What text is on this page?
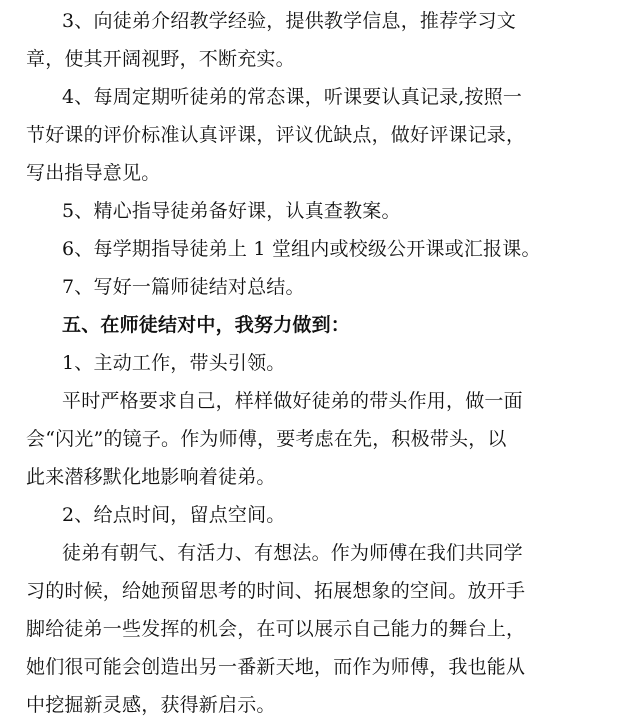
3、向徒弟介绍教学经验，提供教学信息，推荐学习文
章，使其开阔视野，不断充实。
4、每周定期听徒弟的常态课，听课要认真记录,按照一
节好课的评价标准认真评课，评议优缺点，做好评课记录，
写出指导意见。
5、精心指导徒弟备好课，认真查教案。
6、每学期指导徒弟上 1 堂组内或校级公开课或汇报课。
7、写好一篇师徒结对总结。
五、在师徒结对中，我努力做到：
1、主动工作，带头引领。
平时严格要求自己，样样做好徒弟的带头作用，做一面
会“闪光”的镜子。作为师傅，要考虑在先，积极带头，以
此来潜移默化地影响着徒弟。
2、给点时间，留点空间。
徒弟有朝气、有活力、有想法。作为师傅在我们共同学
习的时候，给她预留思考的时间、拓展想象的空间。放开手
脚给徒弟一些发挥的机会，在可以展示自己能力的舞台上，
她们很可能会创造出另一番新天地，而作为师傅，我也能从
中挖掘新灵感，获得新启示。
